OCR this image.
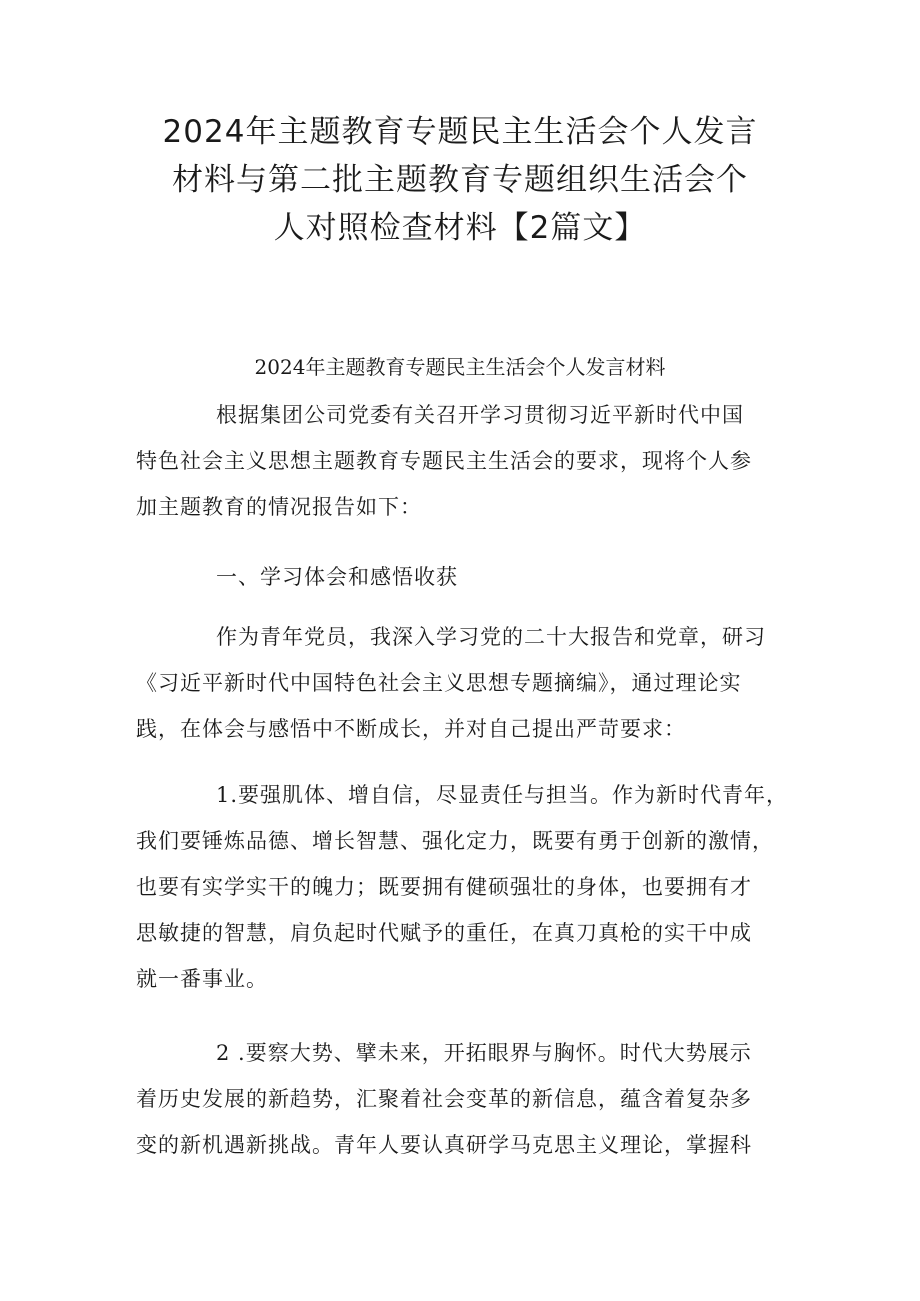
2024年主题教育专题民主生活会个人发言
材料与第二批主题教育专题组织生活会个
人对照检查材料【2篇文】
2024年主题教育专题民主生活会个人发言材料
根据集团公司党委有关召开学习贯彻习近平新时代中国
特色社会主义思想主题教育专题民主生活会的要求，现将个人参
加主题教育的情况报告如下：
一、学习体会和感悟收获
作为青年党员，我深入学习党的二十大报告和党章，研习
《习近平新时代中国特色社会主义思想专题摘编》，通过理论实
践，在体会与感悟中不断成长，并对自己提出严苛要求：
1.要强肌体、增自信，尽显责任与担当。作为新时代青年，
我们要锤炼品德、增长智慧、强化定力，既要有勇于创新的激情，
也要有实学实干的魄力；既要拥有健硕强壮的身体，也要拥有才
思敏捷的智慧，肩负起时代赋予的重任，在真刀真枪的实干中成
就一番事业。
2 .要察大势、擘未来，开拓眼界与胸怀。时代大势展示
着历史发展的新趋势，汇聚着社会变革的新信息，蕴含着复杂多
变的新机遇新挑战。青年人要认真研学马克思主义理论，掌握科
